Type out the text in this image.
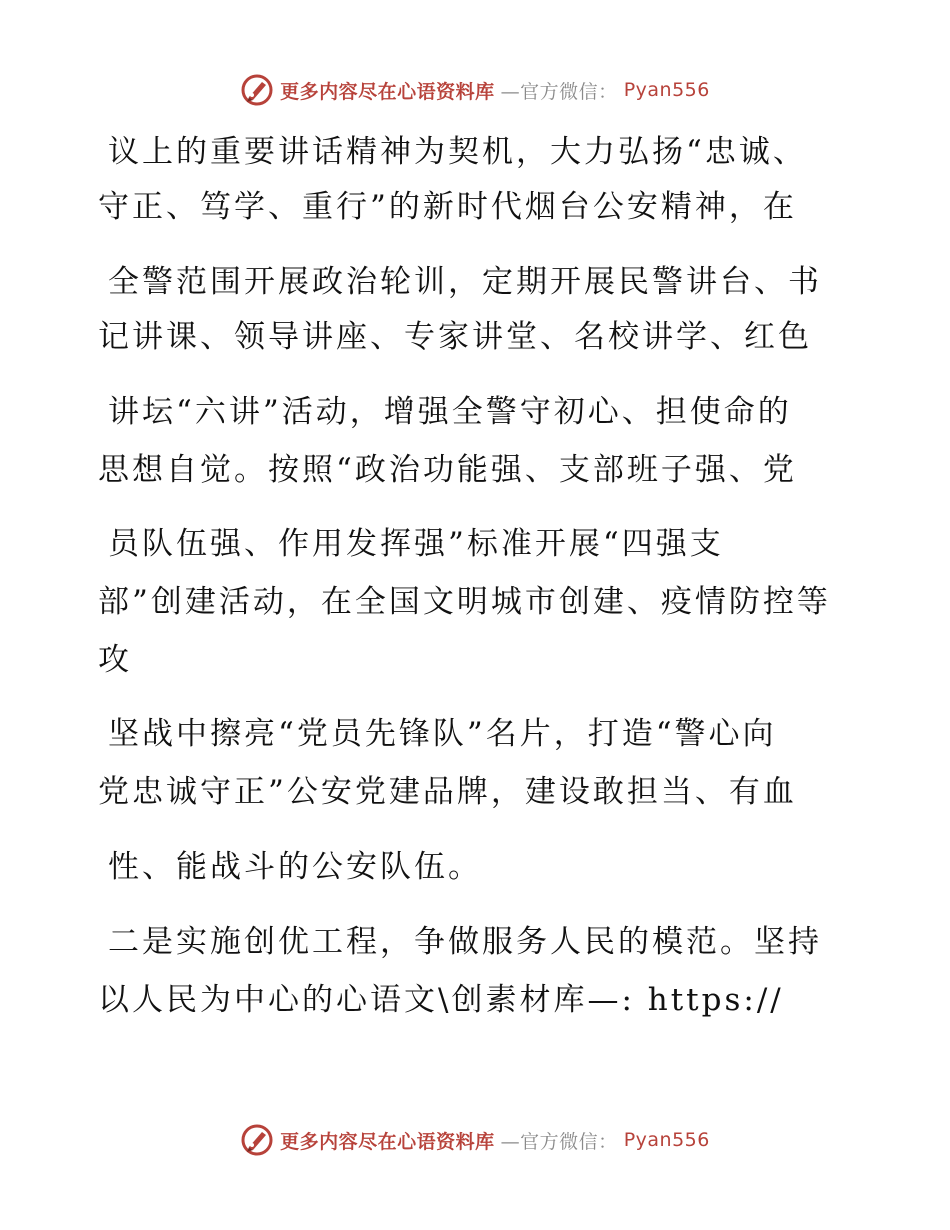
更多内容尽在心语资料库 —官方微信： Pyan556
议上的重要讲话精神为契机，大力弘扬“忠诚、
守正、笃学、重行”的新时代烟台公安精神，在
全警范围开展政治轮训，定期开展民警讲台、书
记讲课、领导讲座、专家讲堂、名校讲学、红色
讲坛“六讲”活动，增强全警守初心、担使命的
思想自觉。按照“政治功能强、支部班子强、党
员队伍强、作用发挥强”标准开展“四强支
部”创建活动，在全国文明城市创建、疫情防控等
攻
坚战中擦亮“党员先锋队”名片，打造“警心向
党忠诚守正”公安党建品牌，建设敢担当、有血
性、能战斗的公安队伍。
二是实施创优工程，争做服务人民的模范。坚持
以人民为中心的心语文\创素材库—: https://
更多内容尽在心语资料库 —官方微信： Pyan556
